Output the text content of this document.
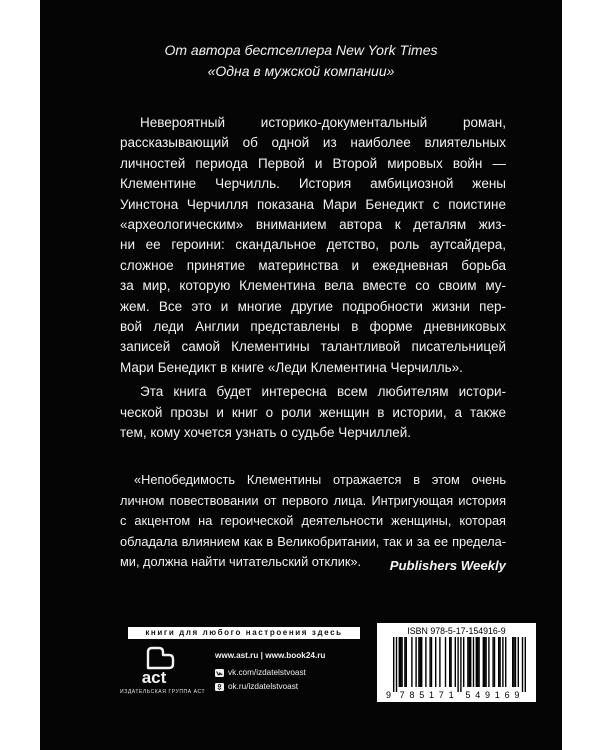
От автора бестселлера New York Times
«Одна в мужской компании»
Невероятный историко-документальный роман,
рассказывающий об одной из наиболее влиятельных
личностей периода Первой и Второй мировых войн —
Клементине Черчилль. История амбициозной жены
Уинстона Черчилля показана Мари Бенедикт с поистине
«археологическим» вниманием автора к деталям жиз-
ни ее героини: скандальное детство, роль аутсайдера,
сложное принятие материнства и ежедневная борьба
за мир, которую Клементина вела вместе со своим му-
жем. Все это и многие другие подробности жизни пер-
вой леди Англии представлены в форме дневниковых
записей самой Клементины талантливой писательницей
Мари Бенедикт в книге «Леди Клементина Черчилль».
Эта книга будет интересна всем любителям истори-
ческой прозы и книг о роли женщин в истории, а также
тем, кому хочется узнать о судьбе Черчиллей.
«Непобедимость Клементины отражается в этом очень
личном повествовании от первого лица. Интригующая история
с акцентом на героической деятельности женщины, которая
обладала влиянием как в Великобритании, так и за ее предела-
ми, должна найти читательский отклик».	Publishers Weekly
книги для любого настроения здесь
act
ИЗДАТЕЛЬСКАЯ ГРУППА АСТ
www.ast.ru | www.book24.ru
vk.com/izdatelstvoast
ok.ru/izdatelstvoast
ISBN 978-5-17-154916-9
9 7 8 5 1 7 1 5 4 9 1 6 9
